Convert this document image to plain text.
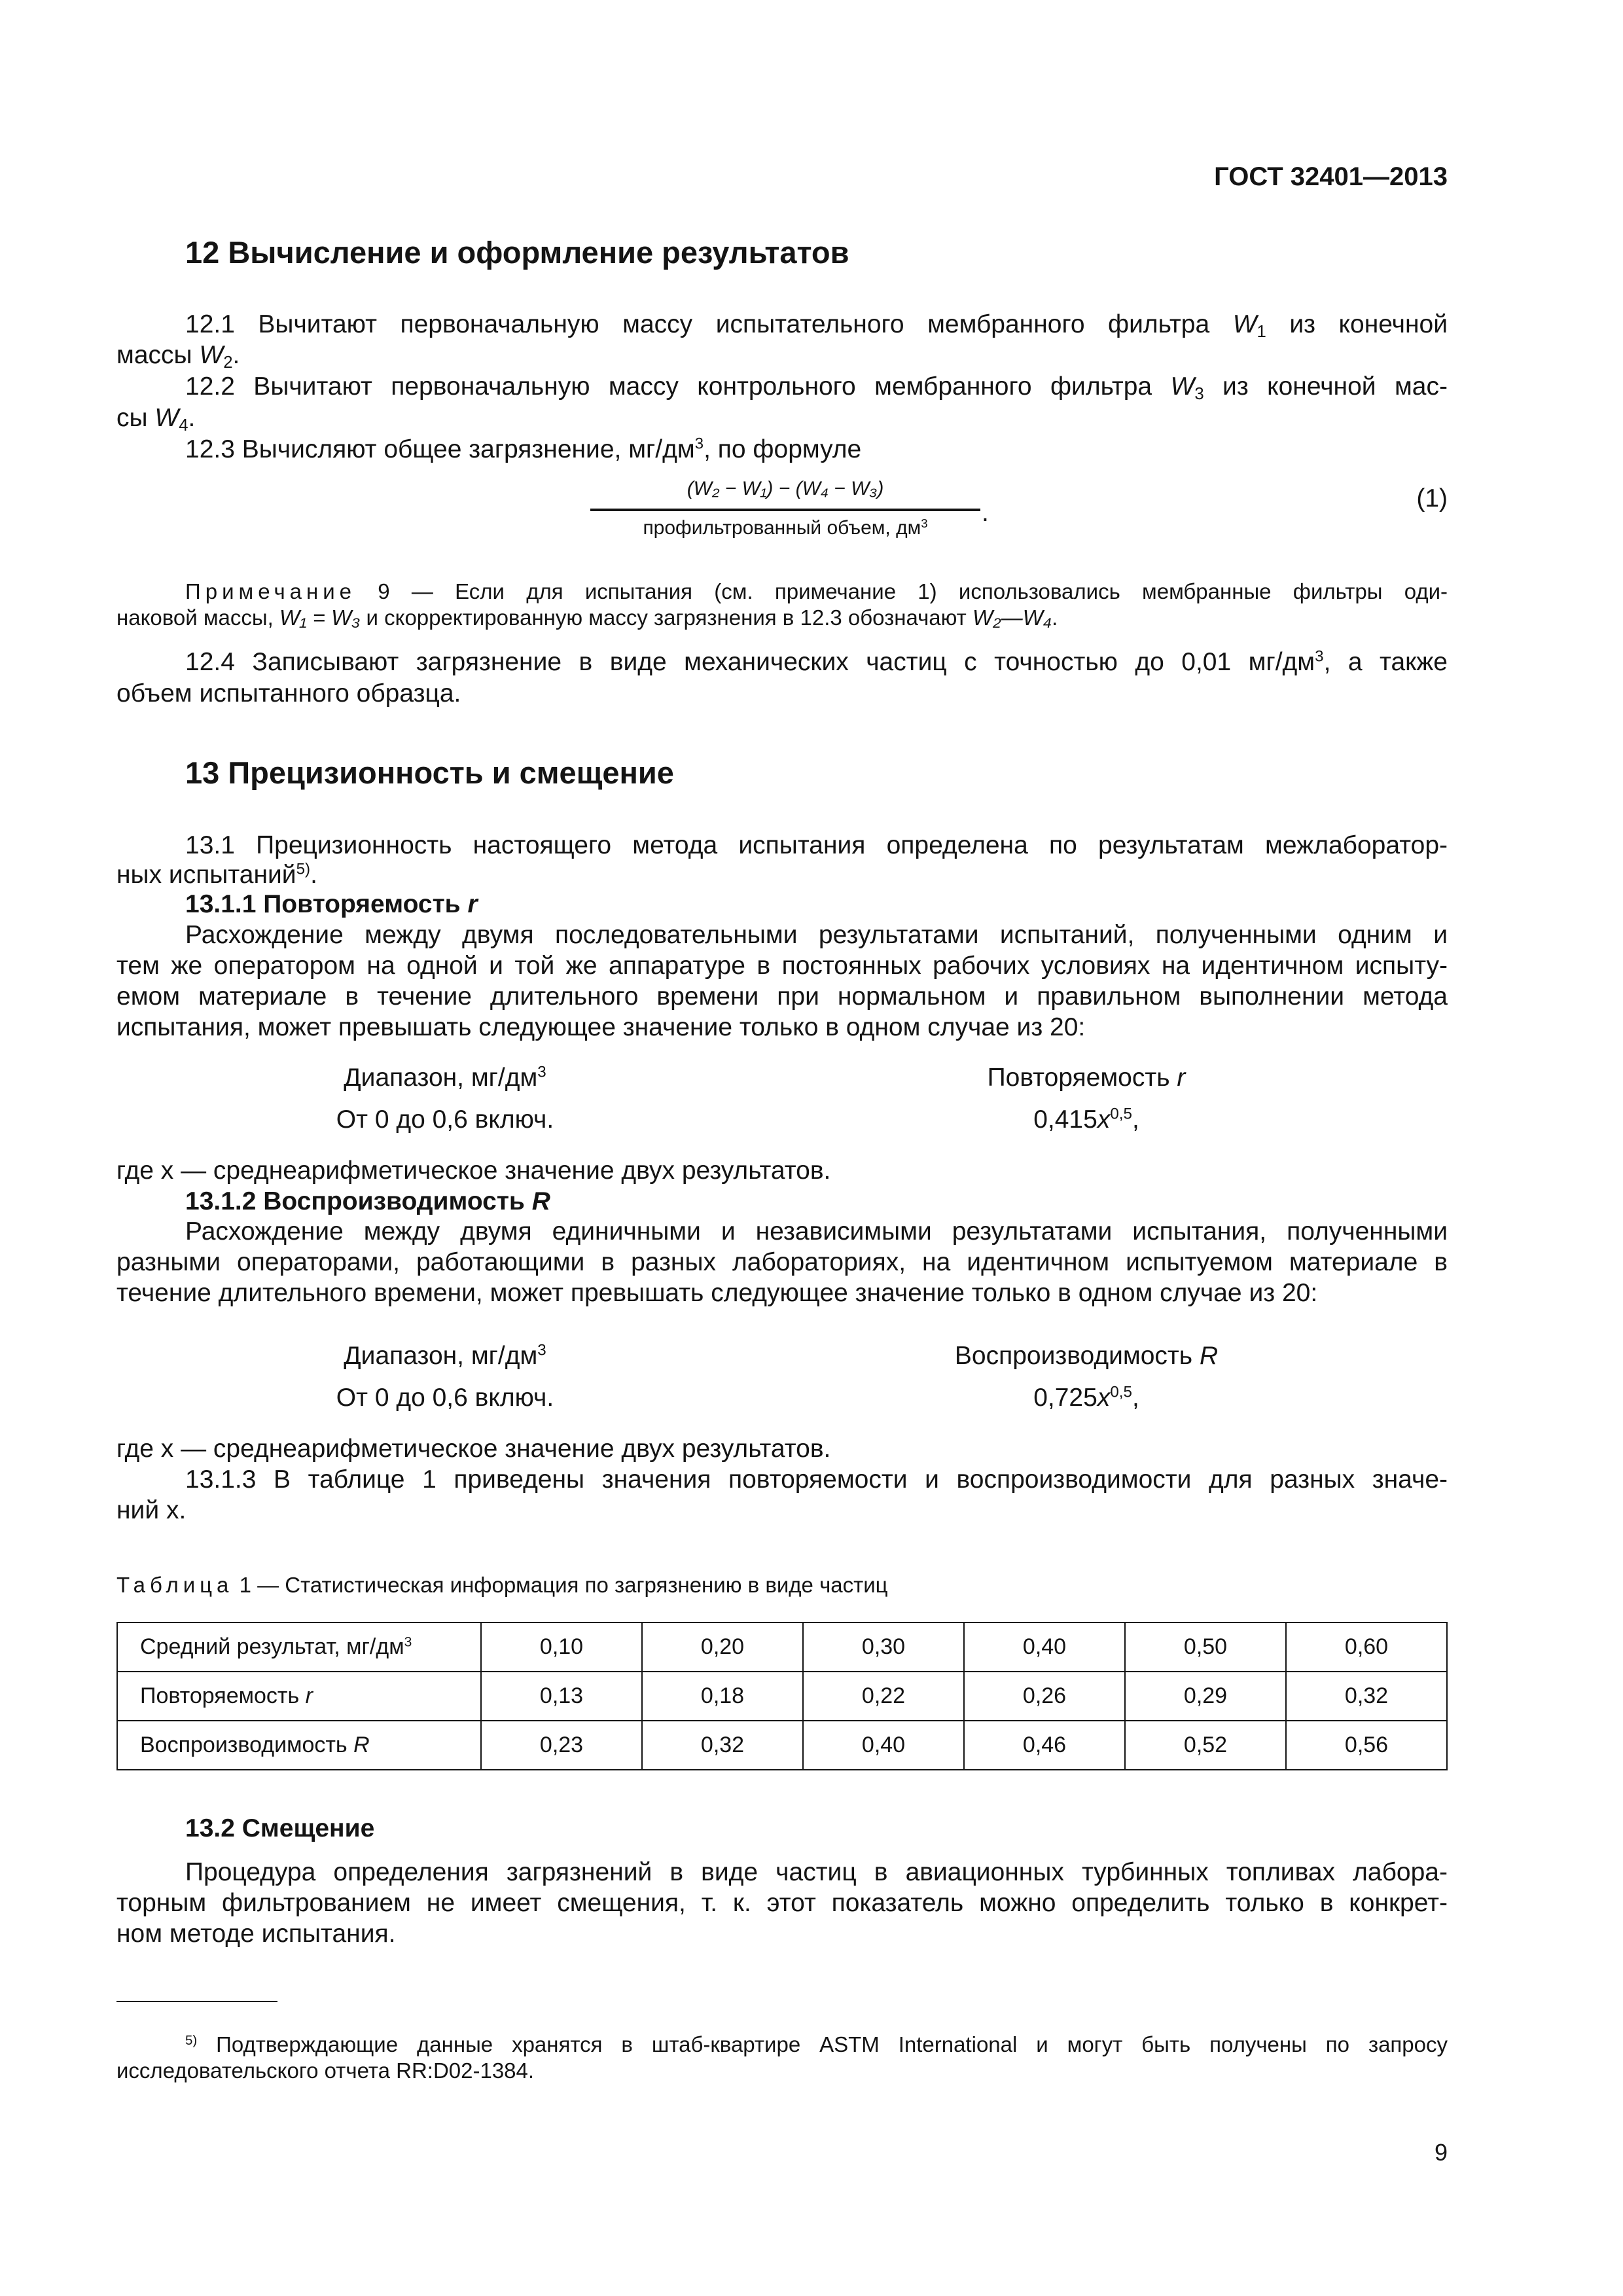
ГОСТ 32401—2013
12 Вычисление и оформление результатов
12.1 Вычитают первоначальную массу испытательного мембранного фильтра $W_1$ из конечной
массы $W_2$.
12.2 Вычитают первоначальную массу контрольного мембранного фильтра $W_3$ из конечной мас-
сы $W_4$.
12.3 Вычисляют общее загрязнение, $мг/дм^3$, по формуле
(W₂ − W₁) − (W₄ − W₃)
профильтрованный объем, $дм^3$	.
(1)
Примечание 9 — Если для испытания (см. примечание 1) использовались мембранные фильтры оди-
наковой массы, W₁ = W₃ и скорректированную массу загрязнения в 12.3 обозначают W₂—W₄.
12.4 Записывают загрязнение в виде механических частиц с точностью до 0,01 $мг/дм^3$, а также
объем испытанного образца.
13 Прецизионность и смещение
13.1 Прецизионность настоящего метода испытания определена по результатам межлаборатор-
ных испытаний$^{5)}$.
13.1.1 Повторяемость r
Расхождение между двумя последовательными результатами испытаний, полученными одним и
тем же оператором на одной и той же аппаратуре в постоянных рабочих условиях на идентичном испыту-
емом материале в течение длительного времени при нормальном и правильном выполнении метода
испытания, может превышать следующее значение только в одном случае из 20:
Диапазон, $мг/дм^3$	Повторяемость r
От 0 до 0,6 включ.	$0,415x^{0,5}$,
где x — среднеарифметическое значение двух результатов.
13.1.2 Воспроизводимость R
Расхождение между двумя единичными и независимыми результатами испытания, полученными
разными операторами, работающими в разных лабораториях, на идентичном испытуемом материале в
течение длительного времени, может превышать следующее значение только в одном случае из 20:
Диапазон, $мг/дм^3$	Воспроизводимость R
От 0 до 0,6 включ.	$0,725x^{0,5}$,
где x — среднеарифметическое значение двух результатов.
13.1.3 В таблице 1 приведены значения повторяемости и воспроизводимости для разных значе-
ний x.
Таблица 1 — Статистическая информация по загрязнению в виде частиц
Средний результат, $мг/дм^3$	0,10	0,20	0,30	0,40	0,50	0,60
Повторяемость r	0,13	0,18	0,22	0,26	0,29	0,32
Воспроизводимость R	0,23	0,32	0,40	0,46	0,52	0,56
13.2 Смещение
Процедура определения загрязнений в виде частиц в авиационных турбинных топливах лабора-
торным фильтрованием не имеет смещения, т. к. этот показатель можно определить только в конкрет-
ном методе испытания.
$^{5)}$ Подтверждающие данные хранятся в штаб-квартире ASTM International и могут быть получены по запросу
исследовательского отчета RR:D02-1384.
9
